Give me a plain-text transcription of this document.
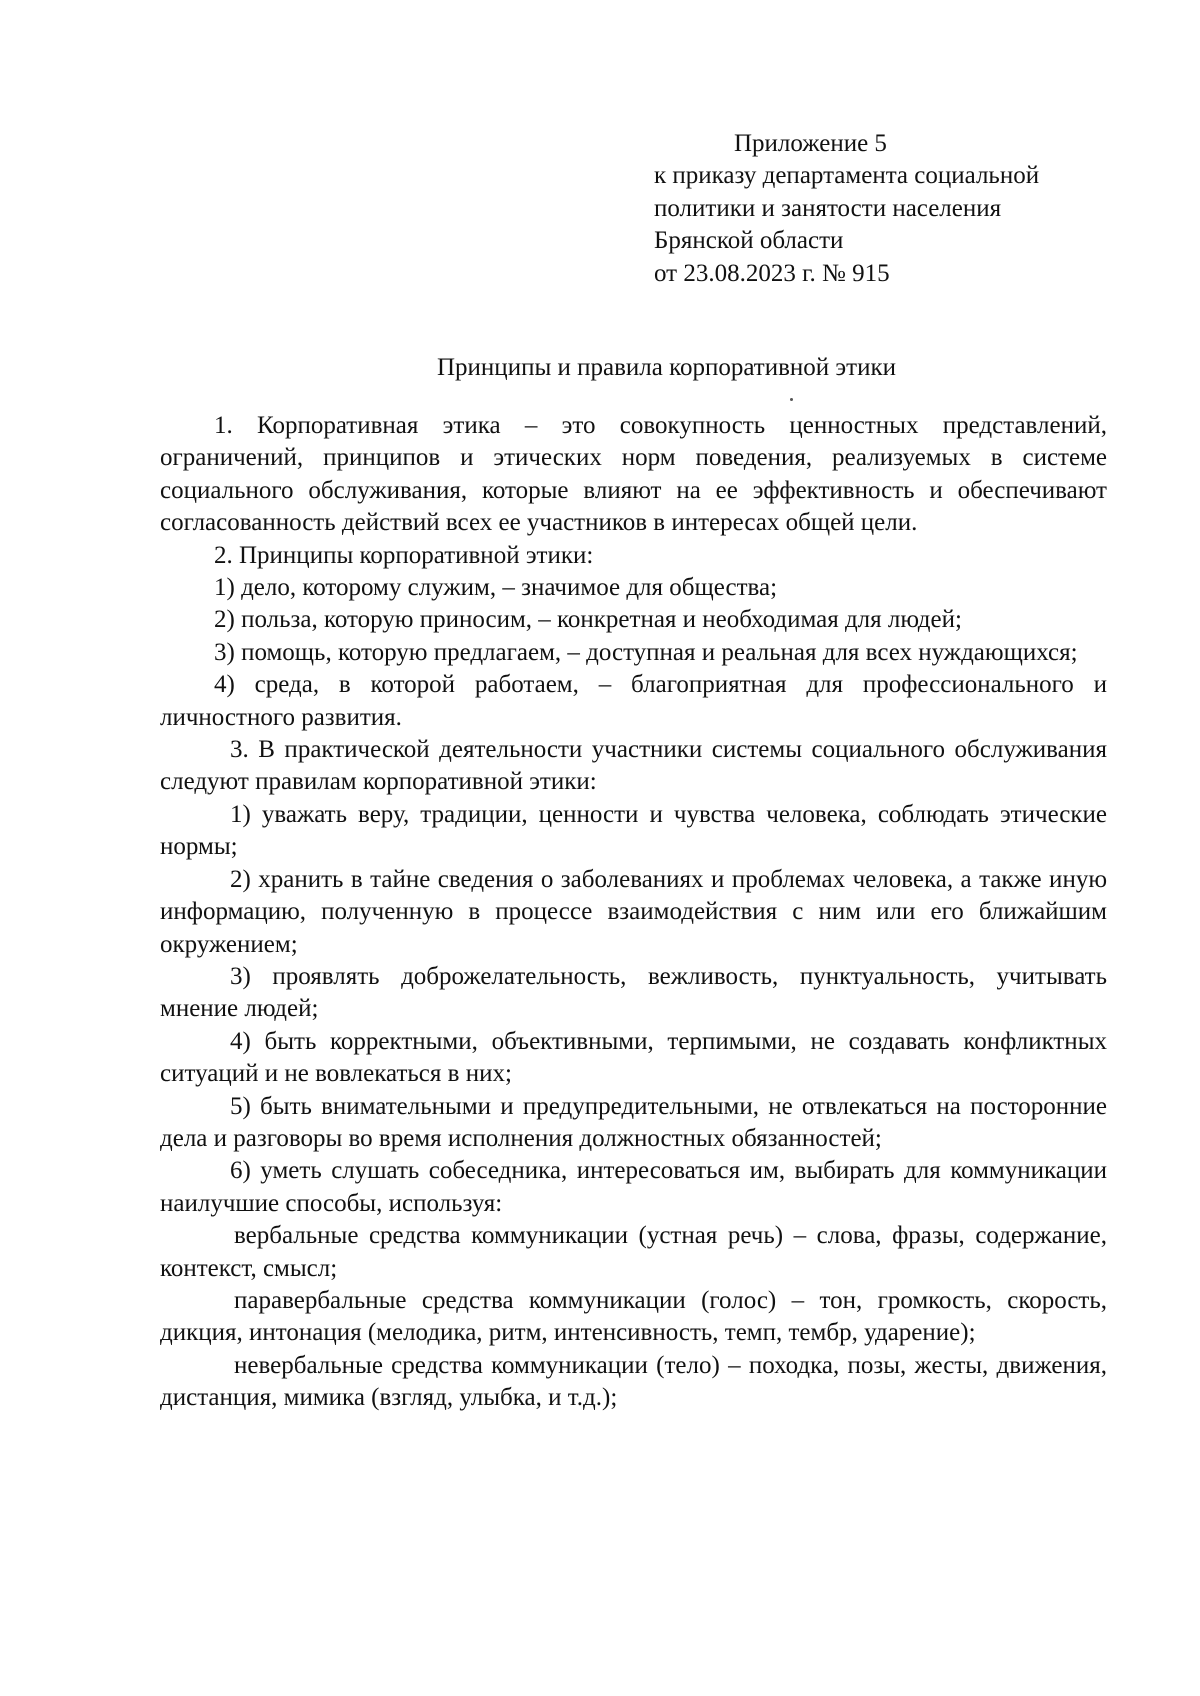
Приложение 5
к приказу департамента социальной
политики и занятости населения
Брянской области
от 23.08.2023 г. № 915
Принципы и правила корпоративной этики

1. Корпоративная этика – это совокупность ценностных представлений, ограничений, принципов и этических норм поведения, реализуемых в системе социального обслуживания, которые влияют на ее эффективность и обеспечивают согласованность действий всех ее участников в интересах общей цели.

2. Принципы корпоративной этики:

1) дело, которому служим, – значимое для общества;

2) польза, которую приносим, – конкретная и необходимая для людей;

3) помощь, которую предлагаем, – доступная и реальная для всех нуждающихся;

4) среда, в которой работаем, – благоприятная для профессионального и личностного развития.

3. В практической деятельности участники системы социального обслуживания следуют правилам корпоративной этики:

1) уважать веру, традиции, ценности и чувства человека, соблюдать этические нормы;

2) хранить в тайне сведения о заболеваниях и проблемах человека, а также иную информацию, полученную в процессе взаимодействия с ним или его ближайшим окружением;

3) проявлять доброжелательность, вежливость, пунктуальность, учитывать мнение людей;

4) быть корректными, объективными, терпимыми, не создавать конфликтных ситуаций и не вовлекаться в них;

5) быть внимательными и предупредительными, не отвлекаться на посторонние дела и разговоры во время исполнения должностных обязанностей;

6) уметь слушать собеседника, интересоваться им, выбирать для коммуникации наилучшие способы, используя:

вербальные средства коммуникации (устная речь) – слова, фразы, содержание, контекст, смысл;

паравербальные средства коммуникации (голос) – тон, громкость, скорость, дикция, интонация (мелодика, ритм, интенсивность, темп, тембр, ударение);

невербальные средства коммуникации (тело) – походка, позы, жесты, движения, дистанция, мимика (взгляд, улыбка, и т.д.);
